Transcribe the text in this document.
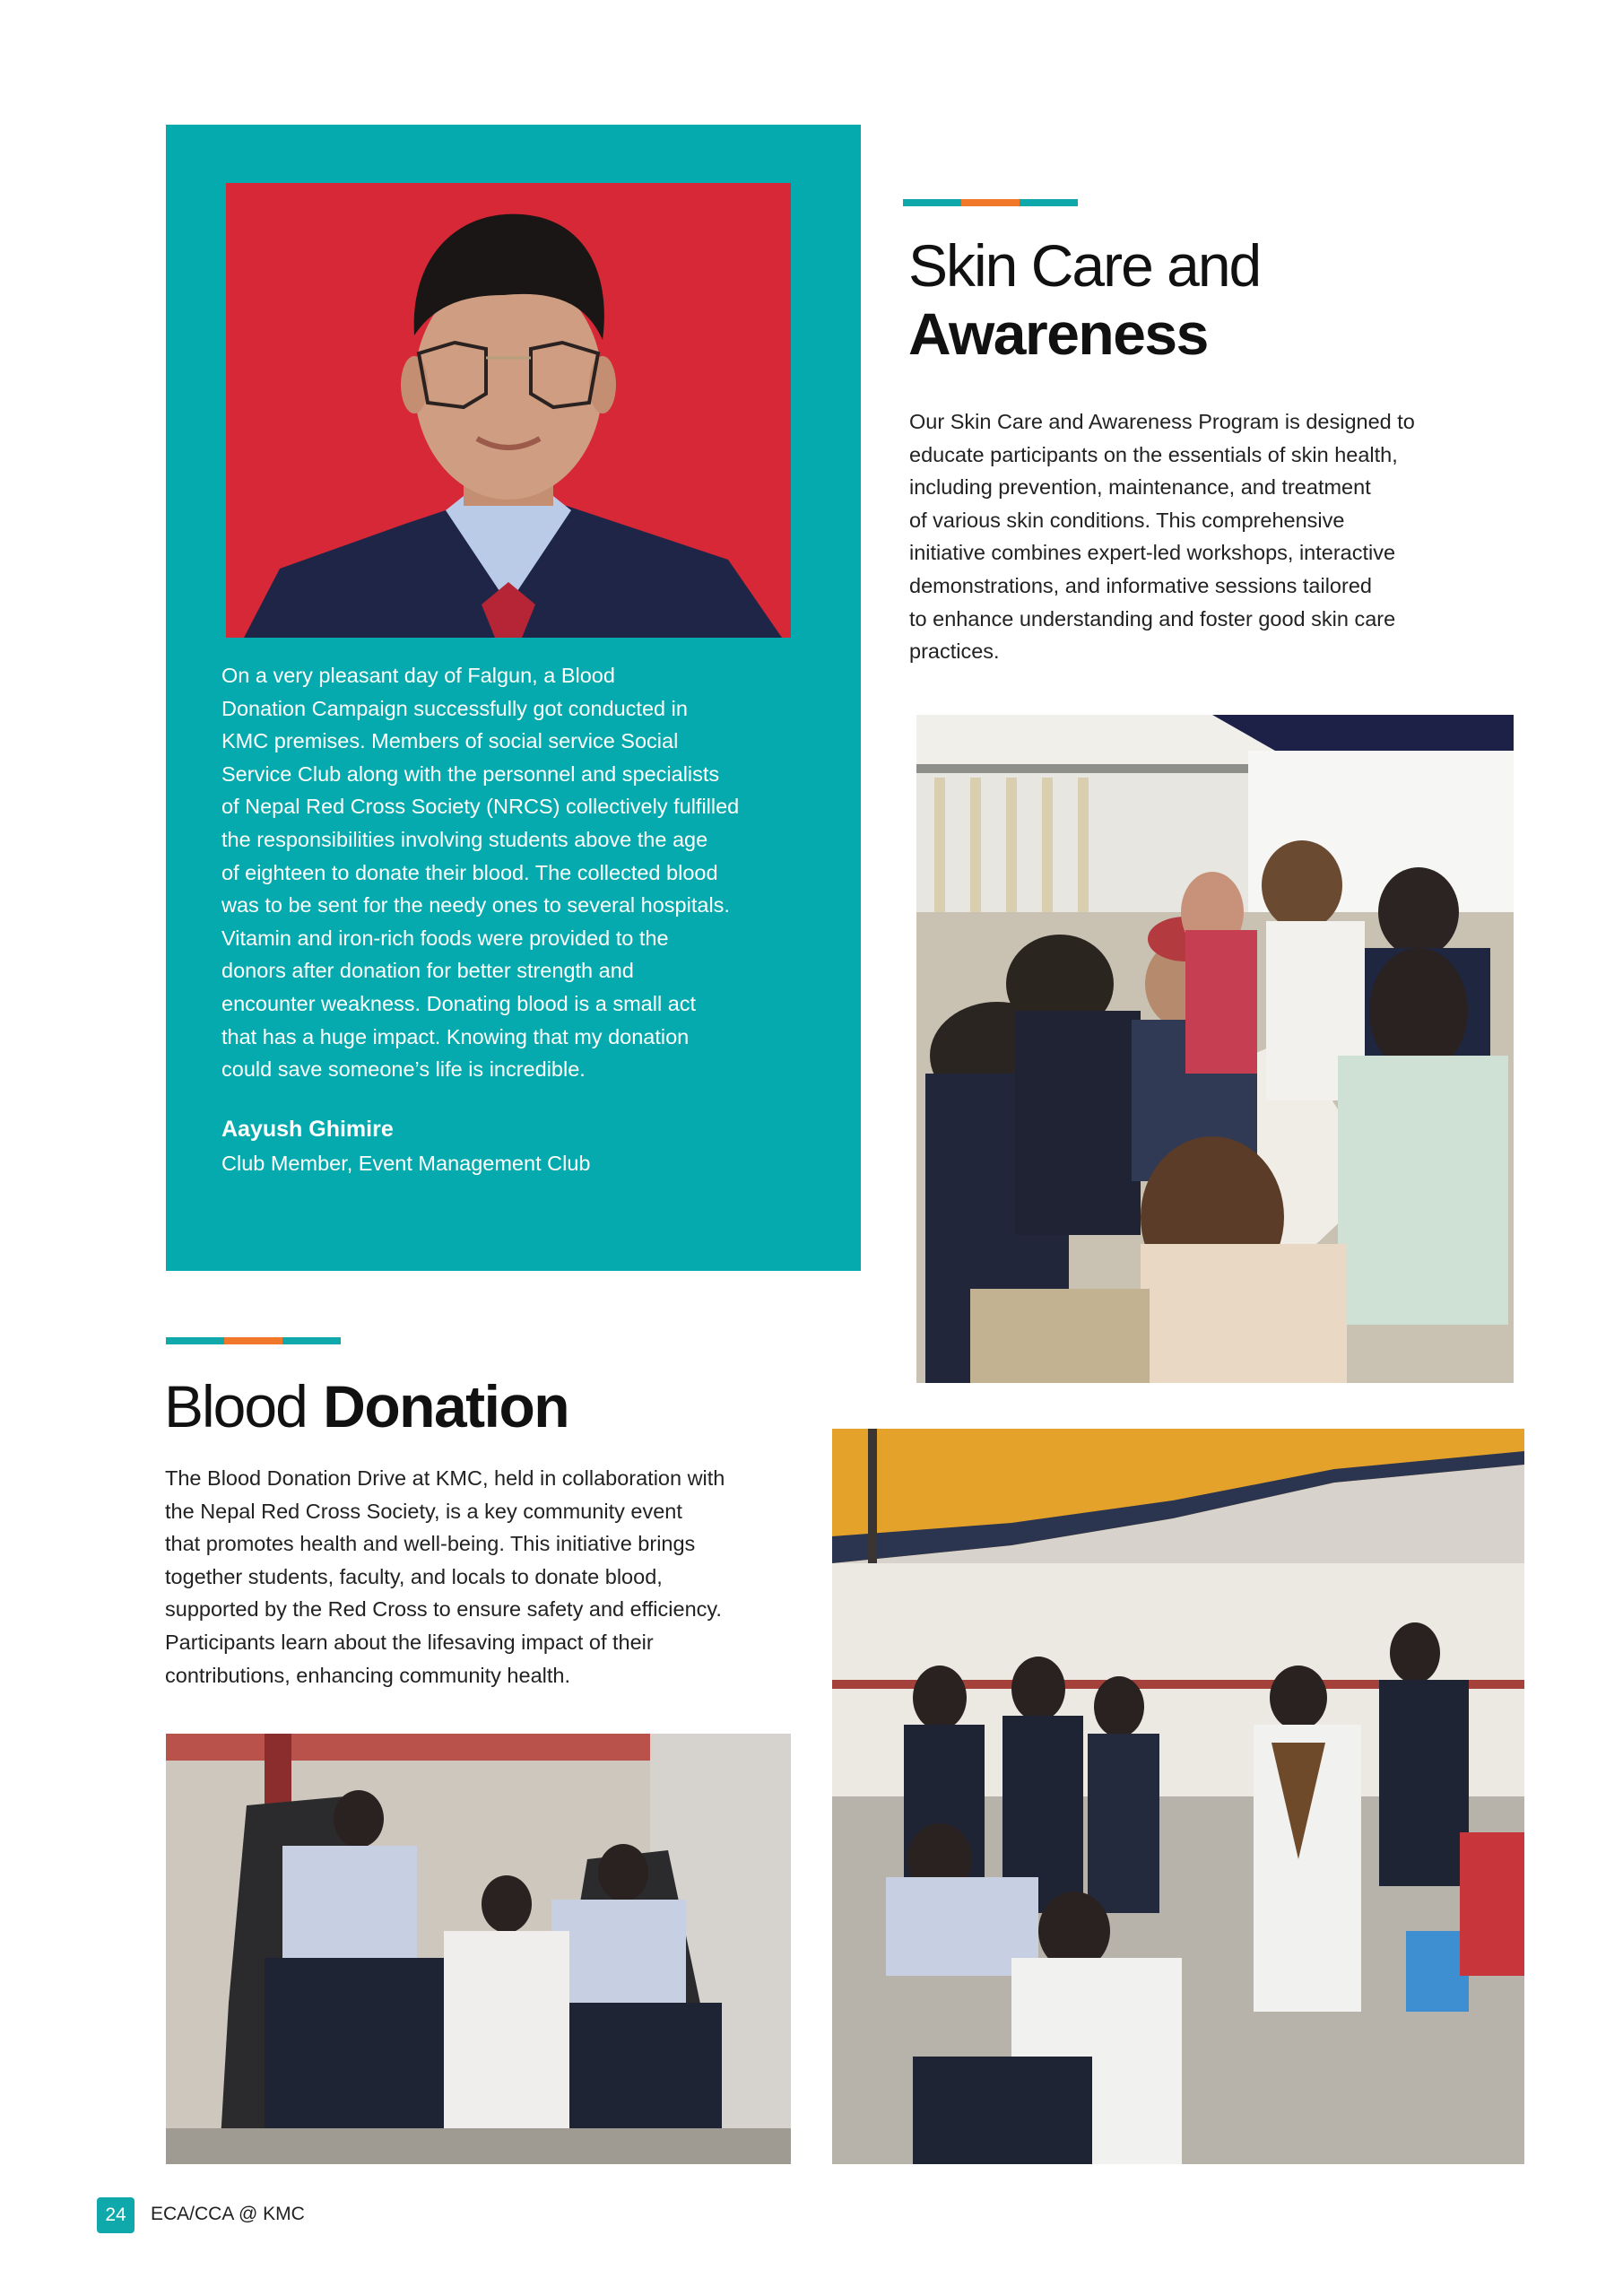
On a very pleasant day of Falgun, a Blood

Donation Campaign successfully got conducted in

KMC premises. Members of social service Social

Service Club along with the personnel and specialists

of Nepal Red Cross Society (NRCS) collectively fulfilled

the responsibilities involving students above the age

of eighteen to donate their blood. The collected blood

was to be sent for the needy ones to several hospitals.

Vitamin and iron-rich foods were provided to the

donors after donation for better strength and

encounter weakness. Donating blood is a small act

that has a huge impact. Knowing that my donation

could save someone’s life is incredible.

Aayush Ghimire
Club Member, Event Management Club
Skin Care and
Awareness

Our Skin Care and Awareness Program is designed to

educate participants on the essentials of skin health,

including prevention, maintenance, and treatment

of various skin conditions. This comprehensive

initiative combines expert-led workshops, interactive

demonstrations, and informative sessions tailored

to enhance understanding and foster good skin care

practices.

Blood Donation

The Blood Donation Drive at KMC, held in collaboration with

the Nepal Red Cross Society, is a key community event

that promotes health and well-being. This initiative brings

together students, faculty, and locals to donate blood,

supported by the Red Cross to ensure safety and efficiency.

Participants learn about the lifesaving impact of their

contributions, enhancing community health.

24	ECA/CCA @ KMC
